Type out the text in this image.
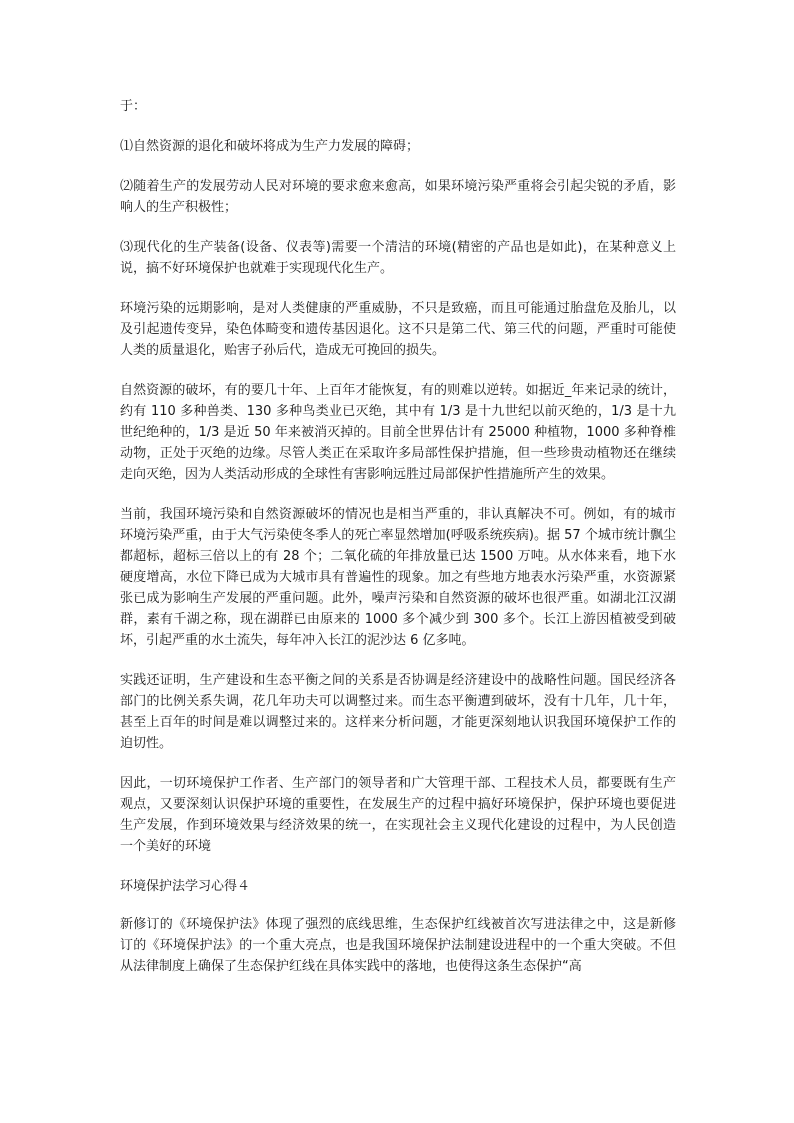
于：

⑴自然资源的退化和破坏将成为生产力发展的障碍；

⑵随着生产的发展劳动人民对环境的要求愈来愈高，如果环境污染严重将会引起尖锐的矛盾，影响人的生产积极性；

⑶现代化的生产装备(设备、仪表等)需要一个清洁的环境(精密的产品也是如此)，在某种意义上说，搞不好环境保护也就难于实现现代化生产。

环境污染的远期影响，是对人类健康的严重威胁，不只是致癌，而且可能通过胎盘危及胎儿，以及引起遗传变异，染色体畸变和遗传基因退化。这不只是第二代、第三代的问题，严重时可能使人类的质量退化，贻害子孙后代，造成无可挽回的损失。

自然资源的破坏，有的要几十年、上百年才能恢复，有的则难以逆转。如据近_年来记录的统计，约有 110 多种兽类、130 多种鸟类业已灭绝，其中有 1/3 是十九世纪以前灭绝的，1/3 是十九世纪绝种的，1/3 是近 50 年来被消灭掉的。目前全世界估计有 25000 种植物，1000 多种脊椎动物，正处于灭绝的边缘。尽管人类正在采取许多局部性保护措施，但一些珍贵动植物还在继续走向灭绝，因为人类活动形成的全球性有害影响远胜过局部保护性措施所产生的效果。

当前，我国环境污染和自然资源破坏的情况也是相当严重的，非认真解决不可。例如，有的城市环境污染严重，由于大气污染使冬季人的死亡率显然增加(呼吸系统疾病)。据 57 个城市统计飘尘都超标，超标三倍以上的有 28 个；二氧化硫的年排放量已达 1500 万吨。从水体来看，地下水硬度增高，水位下降已成为大城市具有普遍性的现象。加之有些地方地表水污染严重，水资源紧张已成为影响生产发展的严重问题。此外，噪声污染和自然资源的破坏也很严重。如湖北江汉湖群，素有千湖之称，现在湖群已由原来的 1000 多个减少到 300 多个。长江上游因植被受到破坏，引起严重的水土流失，每年冲入长江的泥沙达 6 亿多吨。

实践还证明，生产建设和生态平衡之间的关系是否协调是经济建设中的战略性问题。国民经济各部门的比例关系失调，花几年功夫可以调整过来。而生态平衡遭到破坏，没有十几年，几十年，甚至上百年的时间是难以调整过来的。这样来分析问题，才能更深刻地认识我国环境保护工作的迫切性。

因此，一切环境保护工作者、生产部门的领导者和广大管理干部、工程技术人员，都要既有生产观点，又要深刻认识保护环境的重要性，在发展生产的过程中搞好环境保护，保护环境也要促进生产发展，作到环境效果与经济效果的统一，在实现社会主义现代化建设的过程中，为人民创造一个美好的环境

环境保护法学习心得４

新修订的《环境保护法》体现了强烈的底线思维，生态保护红线被首次写进法律之中，这是新修订的《环境保护法》的一个重大亮点，也是我国环境保护法制建设进程中的一个重大突破。不但从法律制度上确保了生态保护红线在具体实践中的落地，也使得这条生态保护“高
